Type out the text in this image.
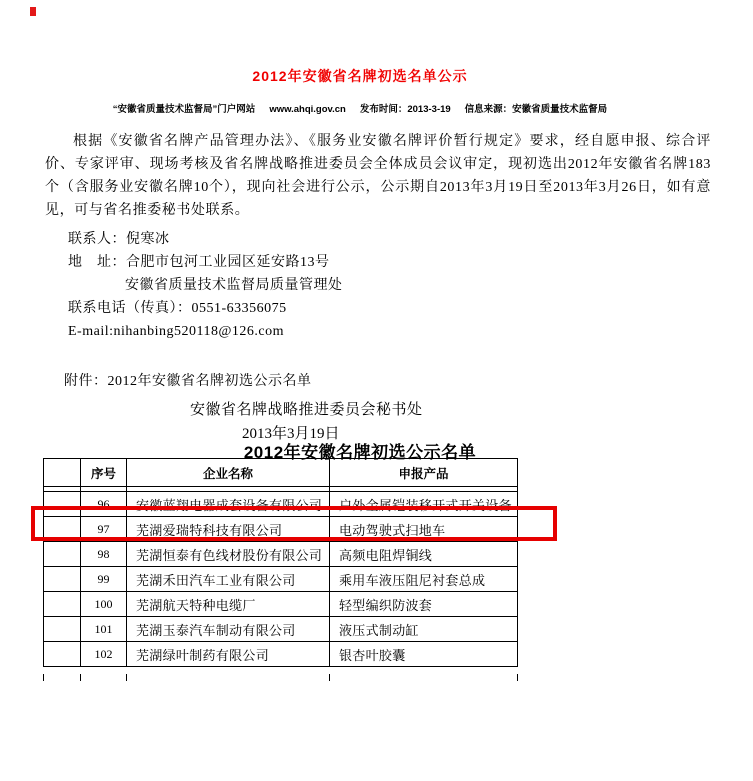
2012年安徽省名牌初选名单公示
“安徽省质量技术监督局”门户网站 www.ahqi.gov.cn 发布时间：2013-3-19 信息来源：安徽省质量技术监督局
根据《安徽省名牌产品管理办法》、《服务业安徽名牌评价暂行规定》要求，经自愿申报、综合评价、专家评审、现场考核及省名牌战略推进委员会全体成员会议审定，现初选出2012年安徽省名牌183个（含服务业安徽名牌10个），现向社会进行公示，公示期自2013年3月19日至2013年3月26日，如有意见，可与省名推委秘书处联系。
联系人：倪寒冰
地　址：合肥市包河工业园区延安路13号
安徽省质量技术监督局质量管理处
联系电话（传真）：0551-63356075
E-mail:nihanbing520118@126.com
附件：2012年安徽省名牌初选公示名单
安徽省名牌战略推进委员会秘书处
2013年3月19日
2012年安徽名牌初选公示名单
	序号	企业名称	申报产品

	96	安徽蓝翔电器成套设备有限公司	户外金属铠装移开式开关设备
	97	芜湖爱瑞特科技有限公司	电动驾驶式扫地车
	98	芜湖恒泰有色线材股份有限公司	高频电阻焊铜线
	99	芜湖禾田汽车工业有限公司	乘用车液压阻尼衬套总成
	100	芜湖航天特种电缆厂	轻型编织防波套
	101	芜湖玉泰汽车制动有限公司	液压式制动缸
	102	芜湖绿叶制药有限公司	银杏叶胶囊
